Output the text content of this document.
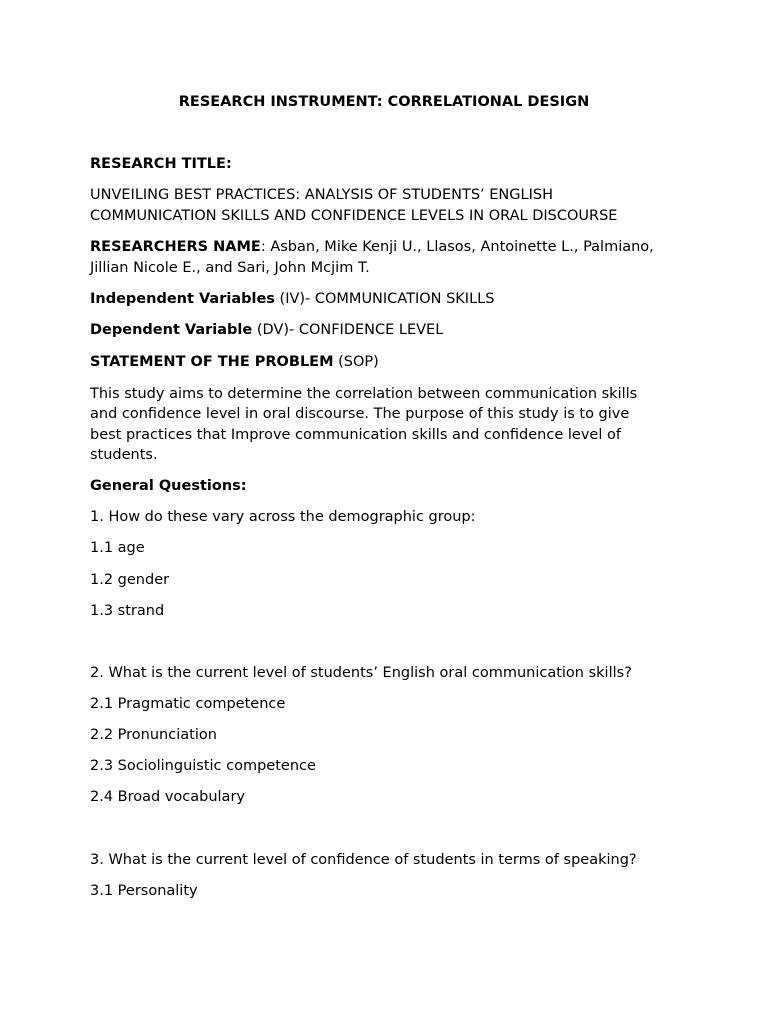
RESEARCH INSTRUMENT: CORRELATIONAL DESIGN
RESEARCH TITLE:
UNVEILING BEST PRACTICES: ANALYSIS OF STUDENTS’ ENGLISH
COMMUNICATION SKILLS AND CONFIDENCE LEVELS IN ORAL DISCOURSE
RESEARCHERS NAME: Asban, Mike Kenji U., Llasos, Antoinette L., Palmiano,
Jillian Nicole E., and Sari, John Mcjim T.
Independent Variables (IV)- COMMUNICATION SKILLS
Dependent Variable (DV)- CONFIDENCE LEVEL
STATEMENT OF THE PROBLEM (SOP)
This study aims to determine the correlation between communication skills
and confidence level in oral discourse. The purpose of this study is to give
best practices that Improve communication skills and confidence level of
students.
General Questions:
1. How do these vary across the demographic group:
1.1 age
1.2 gender
1.3 strand
2. What is the current level of students’ English oral communication skills?
2.1 Pragmatic competence
2.2 Pronunciation
2.3 Sociolinguistic competence
2.4 Broad vocabulary
3. What is the current level of confidence of students in terms of speaking?
3.1 Personality
